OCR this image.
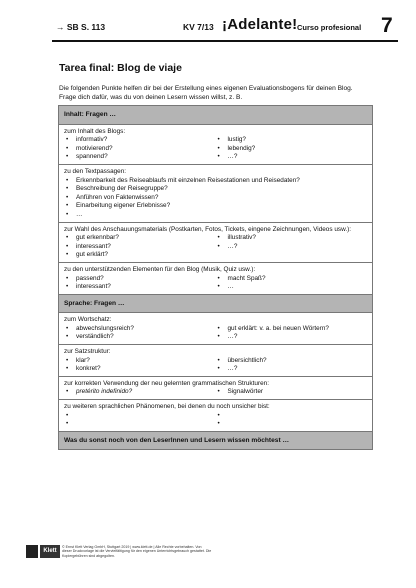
→ SB S. 113	KV 7/13 ¡Adelante! Curso profesional 7
Tarea final: Blog de viaje
Die folgenden Punkte helfen dir bei der Erstellung eines eigenen Evaluationsbogens für deinen Blog. Frage dich dafür, was du von deinen Lesern wissen willst, z. B.
Inhalt: Fragen …
zum Inhalt des Blogs:
• informativ?
• motivierend?
• spannend?
• lustig?
• lebendig?
• …?
zu den Textpassagen:
• Erkennbarkeit des Reiseablaufs mit einzelnen Reisestationen und Reisedaten?
• Beschreibung der Reisegruppe?
• Anführen von Faktenwissen?
• Einarbeitung eigener Erlebnisse?
• …
zur Wahl des Anschauungsmaterials (Postkarten, Fotos, Tickets, eingene Zeichnungen, Videos usw.):
• gut erkennbar?
• interessant?
• gut erklärt?
• illustrativ?
• …?
zu den unterstützenden Elementen für den Blog (Musik, Quiz usw.):
• passend?
• interessant?
• macht Spaß?
• …
Sprache: Fragen …
zum Wortschatz:
• abwechslungsreich?
• verständlich?
• gut erklärt: v. a. bei neuen Wörtern?
• …?
zur Satzstruktur:
• klar?
• konkret?
• übersichtlich?
• …?
zur korrekten Verwendung der neu gelernten grammatischen Strukturen:
• pretérito indefinido?
•	Signalwörter
zu weiteren sprachlichen Phänomenen, bei denen du noch unsicher bist:
•
•
•
•
Was du sonst noch von den LeserInnen und Lesern wissen möchtest …
Klett
© Ernst Klett Verlag GmbH, Stuttgart 2019 | www.klett.de | Alle Rechte vorbehalten. Von dieser Druckvorlage ist die Vervielfältigung für den eigenen Unterrichtsgebrauch gestattet. Die Kopiergebühren sind abgegolten.
